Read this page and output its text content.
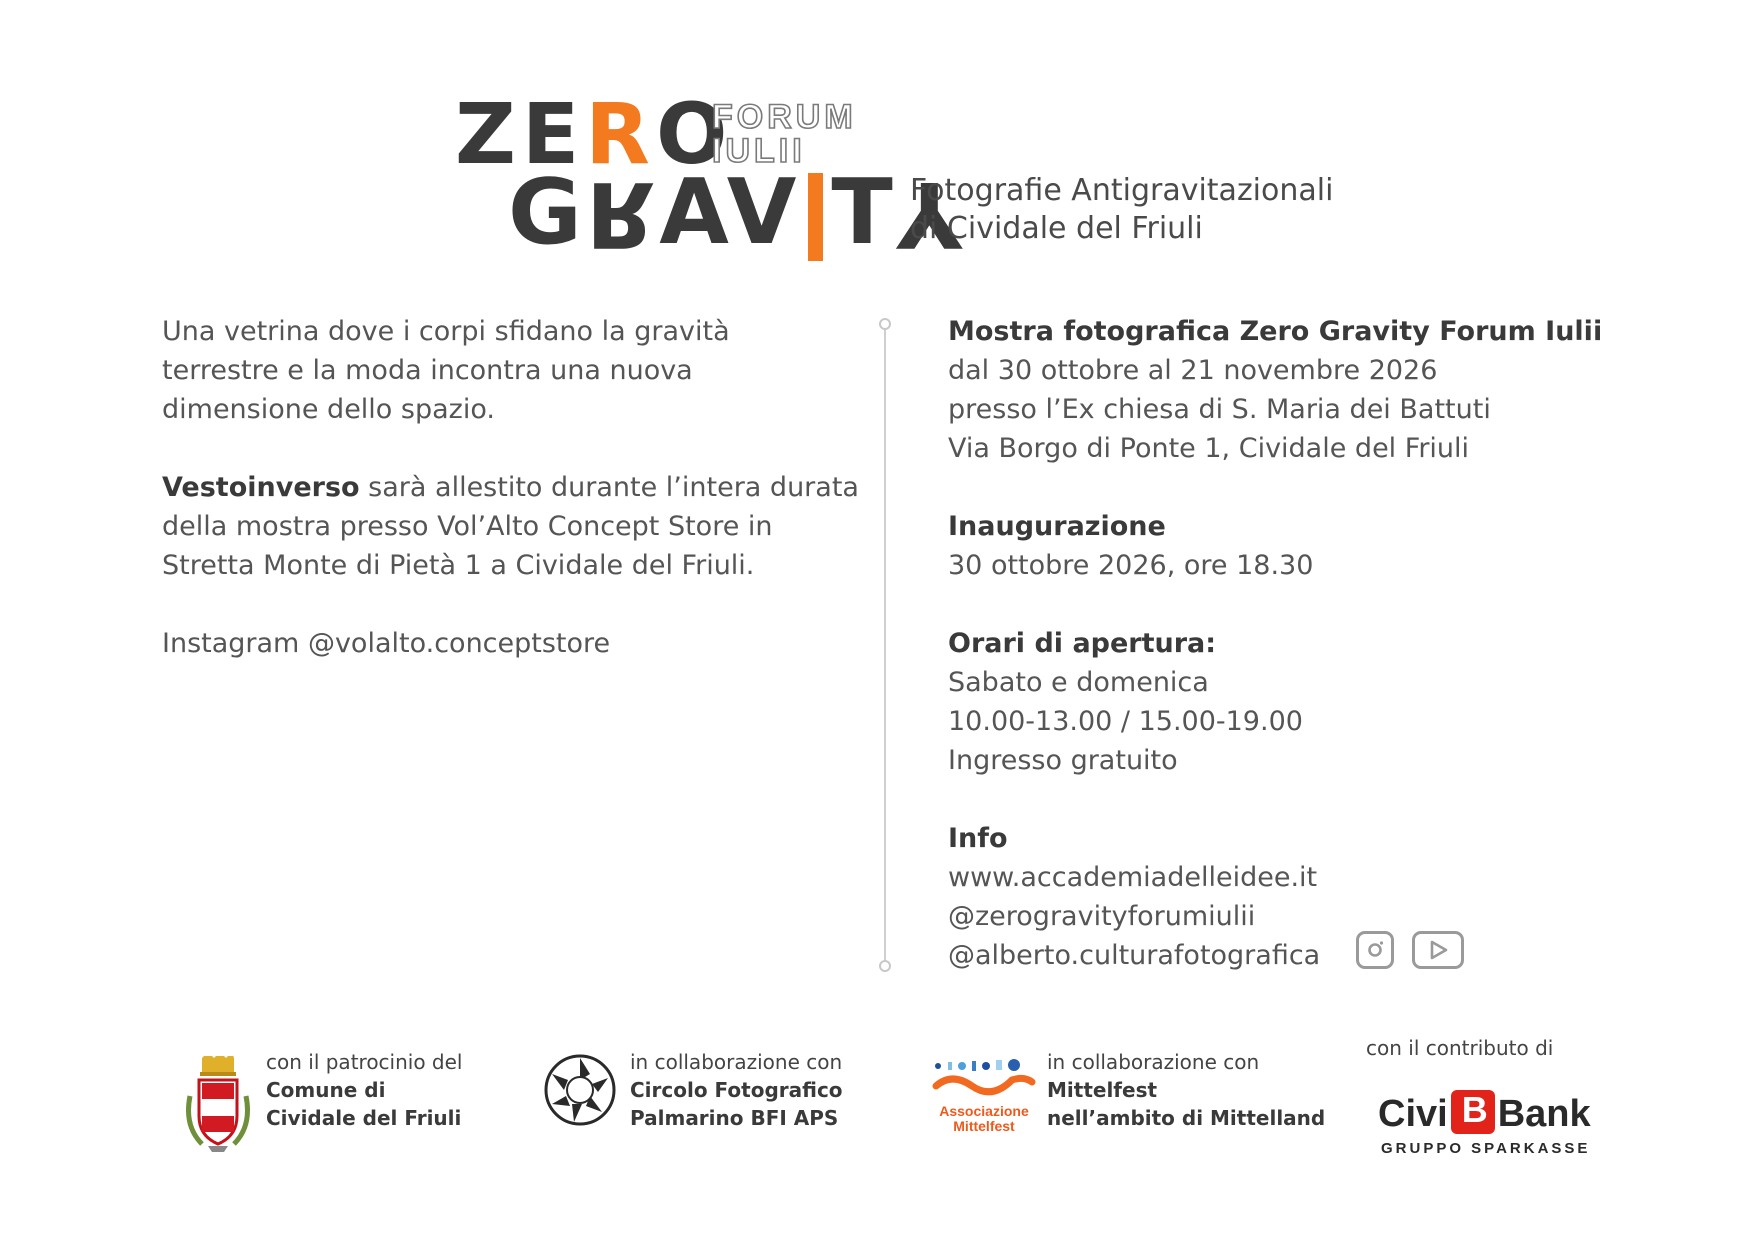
ZERO
FORUM
IULII
GRAV TY
Fotografie Antigravitazionali
di Cividale del Friuli

Una vetrina dove i corpi sfidano la gravità
terrestre e la moda incontra una nuova
dimensione dello spazio.

Vestoinverso sarà allestito durante l’intera durata
della mostra presso Vol’Alto Concept Store in
Stretta Monte di Pietà 1 a Cividale del Friuli.

Instagram @volalto.conceptstore

Mostra fotografica Zero Gravity Forum Iulii
dal 30 ottobre al 21 novembre 2026
presso l’Ex chiesa di S. Maria dei Battuti
Via Borgo di Ponte 1, Cividale del Friuli
Inaugurazione
30 ottobre 2026, ore 18.30
Orari di apertura:
Sabato e domenica
10.00-13.00 / 15.00-19.00
Ingresso gratuito
Info
www.accademiadelleidee.it
@zerogravityforumiulii
@alberto.culturafotografica
con il patrocinio del
Comune di
Cividale del Friuli
in collaborazione con
Circolo Fotografico
Palmarino BFI APS	Associazione
Mittelfest
in collaborazione con
Mittelfest
nell’ambito di Mittelland
con il contributo di
Civi B Bank
GRUPPO SPARKASSE
